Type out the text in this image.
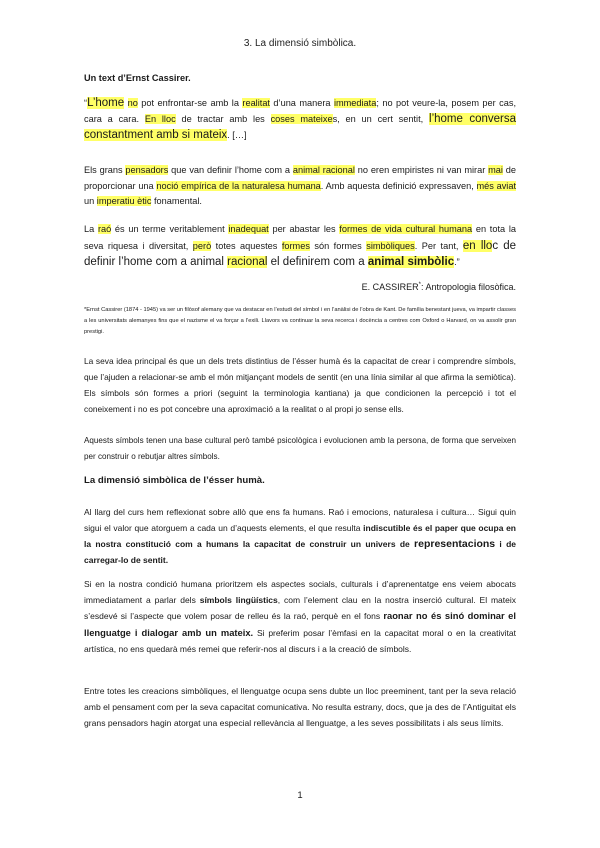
3. La dimensió simbòlica.
Un text d’Ernst Cassirer.

“L’home no pot enfrontar-se amb la realitat d’una manera immediata; no pot veure-la, posem per cas, cara a cara. En lloc de tractar amb les coses mateixes, en un cert sentit, l’home conversa constantment amb si mateix. […]

Els grans pensadors que van definir l’home com a animal racional no eren empiristes ni van mirar mai de proporcionar una noció empírica de la naturalesa humana. Amb aquesta definició expressaven, més aviat un imperatiu ètic fonamental.

La raó és un terme veritablement inadequat per abastar les formes de vida cultural humana en tota la seva riquesa i diversitat, però totes aquestes formes són formes simbòliques. Per tant, en lloc de definir l’home com a animal racional el definirem com a animal simbòlic.”

E. CASSIRER*: Antropologia filosòfica.

*Ernst Cassirer (1874 - 1945) va ser un filòsof alemany que va destacar en l’estudi del símbol i en l’anàlisi de l’obra de Kant. De família benestant jueva, va impartir classes a les universitats alemanyes fins que el nazisme el va forçar a l’exili. Llavors va continuar la seva recerca i docència a centres com Oxford o Harvard, on va assolir gran prestigi.

La seva idea principal és que un dels trets distintius de l’ésser humà és la capacitat de crear i comprendre símbols, que l’ajuden a relacionar-se amb el món mitjançant models de sentit (en una línia similar al que afirma la semiòtica). Els símbols són formes a priori (seguint la terminologia kantiana) ja que condicionen la percepció i tot el coneixement i no es pot concebre una aproximació a la realitat o al propi jo sense ells.

Aquests símbols tenen una base cultural però també psicològica i evolucionen amb la persona, de forma que serveixen per construir o rebutjar altres símbols.

La dimensió simbòlica de l’ésser humà.

Al llarg del curs hem reflexionat sobre allò que ens fa humans. Raó i emocions, naturalesa i cultura… Sigui quin sigui el valor que atorguem a cada un d’aquests elements, el que resulta indiscutible és el paper que ocupa en la nostra constitució com a humans la capacitat de construir un univers de representacions i de carregar-lo de sentit.

Si en la nostra condició humana prioritzem els aspectes socials, culturals i d’aprenentatge ens veiem abocats immediatament a parlar dels símbols lingüístics, com l’element clau en la nostra inserció cultural. El mateix s’esdevé si l’aspecte que volem posar de relleu és la raó, perquè en el fons raonar no és sinó dominar el llenguatge i dialogar amb un mateix. Si preferim posar l’èmfasi en la capacitat moral o en la creativitat artística, no ens quedarà més remei que referir-nos al discurs i a la creació de símbols.

Entre totes les creacions simbòliques, el llenguatge ocupa sens dubte un lloc preeminent, tant per la seva relació amb el pensament com per la seva capacitat comunicativa. No resulta estrany, docs, que ja des de l’Antiguitat els grans pensadors hagin atorgat una especial rellevància al llenguatge, a les seves possibilitats i als seus límits.

1
